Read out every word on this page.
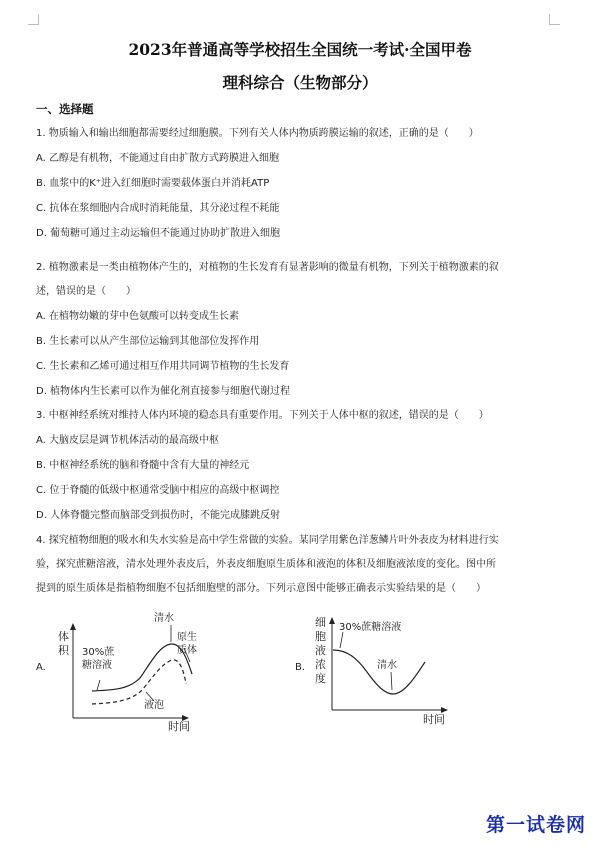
2023年普通高等学校招生全国统一考试·全国甲卷
理科综合（生物部分）
一、选择题
1. 物质输入和输出细胞都需要经过细胞膜。下列有关人体内物质跨膜运输的叙述，正确的是（　　）
A. 乙醇是有机物，不能通过自由扩散方式跨膜进入细胞
B. 血浆中的K⁺进入红细胞时需要载体蛋白并消耗ATP
C. 抗体在浆细胞内合成时消耗能量，其分泌过程不耗能
D. 葡萄糖可通过主动运输但不能通过协助扩散进入细胞
2. 植物激素是一类由植物体产生的，对植物的生长发育有显著影响的微量有机物，下列关于植物激素的叙
述，错误的是（　　）
A. 在植物幼嫩的芽中色氨酸可以转变成生长素
B. 生长素可以从产生部位运输到其他部位发挥作用
C. 生长素和乙烯可通过相互作用共同调节植物的生长发育
D. 植物体内生长素可以作为催化剂直接参与细胞代谢过程
3. 中枢神经系统对维持人体内环境的稳态具有重要作用。下列关于人体中枢的叙述，错误的是（　　）
A. 大脑皮层是调节机体活动的最高级中枢
B. 中枢神经系统的脑和脊髓中含有大量的神经元
C. 位于脊髓的低级中枢通常受脑中相应的高级中枢调控
D. 人体脊髓完整而脑部受到损伤时，不能完成膝跳反射
4. 探究植物细胞的吸水和失水实验是高中学生常做的实验。某同学用紫色洋葱鳞片叶外表皮为材料进行实
验，探究蔗糖溶液，清水处理外表皮后，外表皮细胞原生质体和液泡的体积及细胞液浓度的变化。图中所
提到的原生质体是指植物细胞不包括细胞壁的部分。下列示意图中能够正确表示实验结果的是（　　）
A.
体
积
时间
30%蔗
糖溶液
清水
原生
质体
液泡
B.
细
胞
液
浓
度
时间
30%蔗糖溶液
清水
第一试卷网
